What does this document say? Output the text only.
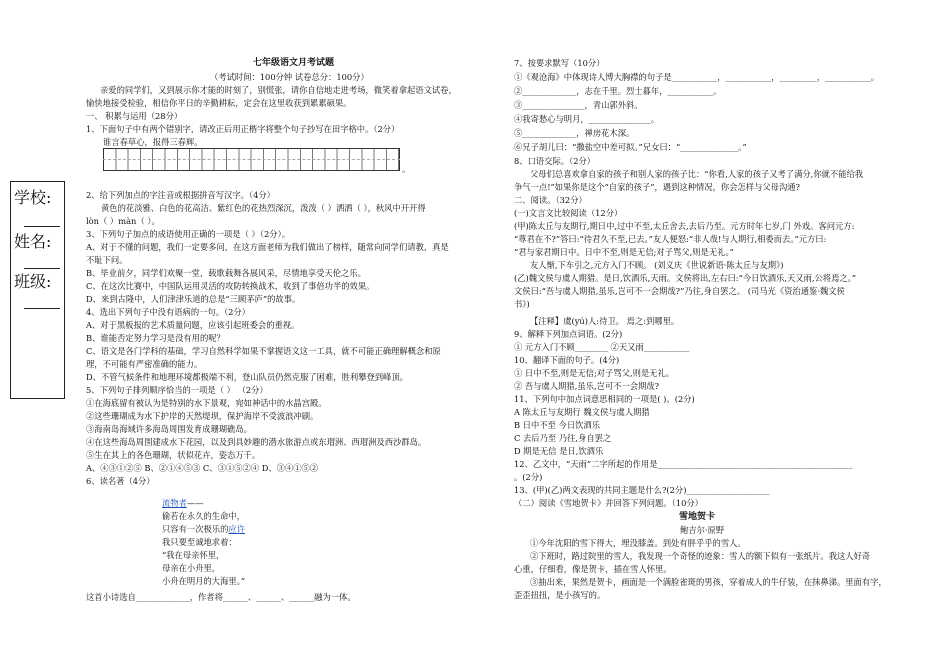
学校:
姓名:
班级:
七年级语文月考试题
（考试时间：100分钟 试卷总分：100分）
亲爱的同学们，又到展示你才能的时刻了，别慌张，请你自信地走进考场，微笑着拿起语文试卷，
愉快地接受检验，相信你平日的辛勤耕耘，定会在这里收获到累累硕果。
一、 积累与运用（28分）
1、下面句子中有两个错别字，请改正后用正楷字将整个句子抄写在田字格中。（2分）
谁言春草心，报得三春辉。
。
2、给下列加点的字注音或根据拼音写汉字。（4分）
黄色的花淡雅、白色的花高洁、紫红色的花热烈深沉，泼泼（ ）洒洒（ ），秋风中开开得
lòn（ ）màn（ ）。
3、下列句子加点的成语使用正确的一项是（ ）（2分）。
A、对于不懂的问题，我们一定要多问，在这方面老师为我们做出了榜样，随常向同学们请教，真是
不耻下问。
B、毕业前夕，同学们欢聚一堂，载歌载舞各展风采，尽情地享受天伦之乐。
C、在这次比赛中，中国队运用灵活的攻防转换战术，收到了事倍功半的效果。
D、来到古隆中，人们津津乐道的总是“三顾茅庐”的故事。
4、选出下列句子中没有语病的一句。（2分）
A、对于黑板报的艺术质量问题，应该引起班委会的重视。
B、谁能否定努力学习是没有用的呢？
C、语文是各门学科的基础，学习自然科学如果不掌握语文这一工具，就不可能正确理解概念和原
理，不可能有严密准确的能力。
D、不管气候条件和地理环境都极端不利，登山队员仍然克服了困难，胜利攀登到峰顶。
5、下列句子排列顺序恰当的一项是（ ） （2分）
①在海底留有被认为是特别的水下景观，宛如神话中的水晶宫殿。
②这些珊瑚成为水下护岸的天然堤坝，保护海岸不受波浪冲刷。
③海南岛海域许多海岛周围发育成珊瑚礁岛。
④在这些海岛周围建成水下花园，以及到具妙趣的潜水旅游点或东瑁洲、西瑁洲及西沙群岛。
⑤生在其上的各色珊瑚，状似花卉，姿态万千。
A、④③①②⑤ B、②①④⑤③ C、③①⑤②④ D、③④①⑤②
6、读名著（4分）
流物者——
偷若在永久的生命中，
只容有一次极乐的应许
我只要至诚地求着：
“我在母亲怀里，
母亲在小舟里，
小舟在明月的大海里。”
这首小诗选自_____________，作者将______、______、______融为一体。
7、按要求默写（10分）
①《观沧海》中体现诗人博大胸襟的句子是___________，___________，_________，___________。
②_____________，志在千里。烈士暮年，___________。
③_______________，青山郭外斜。
④我寄愁心与明月，_______________。
⑤_____________，禅房花木深。
⑥兄子胡儿曰：“撒盐空中差可拟。”兄女曰：“______________。”
8、口语交际。（2分）
父母们总喜欢拿自家的孩子和别人家的孩子比：“你看,人家的孩子又考了满分,你就不能给我
争气一点!”如果你是这个“自家的孩子”，遇到这种情况，你会怎样与父母沟通?
二、阅读。（32分）
(一)文言文比较阅读（12分）
(甲)陈太丘与友期行,期日中,过中不至,太丘舍去,去后乃至。元方时年七岁,门 外戏。客问元方:
“尊君在不?”答曰:“待君久不至,已去。”友人便怒:“非人哉!与人期行,相委而去。”元方曰:
“君与家君期日中。日中不至,则是无信;对子骂父,则是无礼。”
友人惭,下车引之,元方入门不顾。 (刘义庆《世说新语·陈太丘与友期》)
(乙)魏文侯与虞人期猎。是日,饮酒乐,天雨。文侯将出,左右曰:“今日饮酒乐,天又雨,公将焉之。”
文侯曰:“吾与虞人期猎,虽乐,岂可不一会期哉?”乃往,身自罢之。 (司马光《资治通鉴·魏文侯
书》)
【注释】虞(yú)人:待卫。 焉之:到哪里。
9、解释下列加点词语。(2分)
① 元方入门不顾________ ②天又雨___________
10、翻译下面的句子。(4分)
① 日中不至,则是无信;对子骂父,则是无礼。
② 吾与虞人期猎,虽乐,岂可不一会期哉?
11、下列句中加点词意思相同的一项是( )。(2分)
A 陈太丘与友期行 魏文侯与虞人期猎
B 日中不至 今日饮酒乐
C 去后乃至 乃往,身自罢之
D 期是无信 是日,饮酒乐
12、乙文中，“天雨”二字所起的作用是_______________________________________________
。(2分)
13、(甲)(乙)两文表现的共同主题是什么?(2分)____________________
（二）阅读《雪地贺卡》并回答下列问题。（10分）
雪地贺卡
鲍吉尔·原野
①今年沈阳的雪下得大，埋没膝盖。到处有胖乎乎的雪人。
②下班时，路过院里的雪人，我发现一个奇怪的迹象：雪人的额下似有一张纸片。我这人好奇
心重，仔细看，像是贺卡，插在雪人怀里。
③抽出来，果然是贺卡，画面是一个满脸雀斑的男孩，穿着成人的牛仔装，在抹鼻涕。里面有字，
歪歪扭扭，是小孩写的。
